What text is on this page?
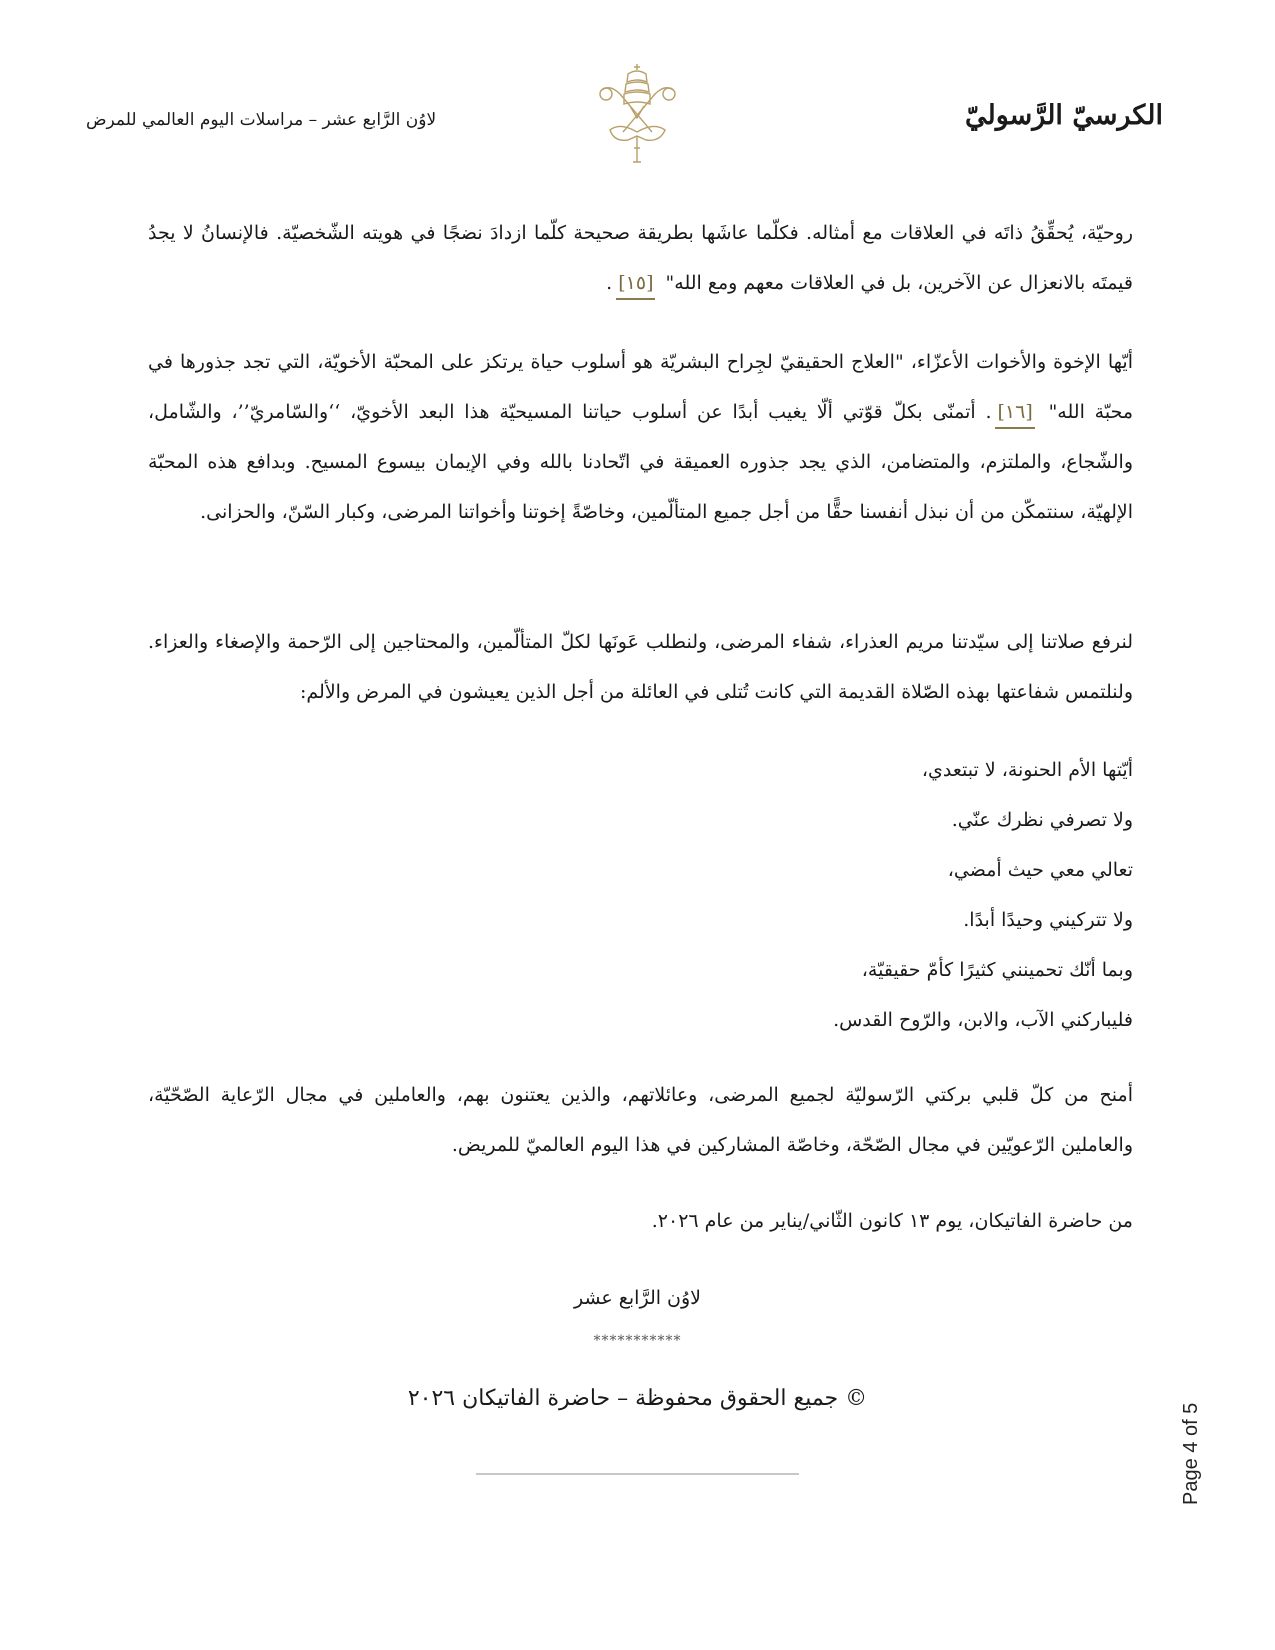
الكرسيّ الرَّسوليّ
لاوُن الرَّابع عشر – مراسلات اليوم العالمي للمرض

روحيّة، يُحقِّقُ ذاتَه في العلاقات مع أمثاله. فكلّما عاشَها بطريقة صحيحة كلّما ازدادَ نضجًا في هويته الشّخصيّة. فالإنسانُ لا يجدُ قيمتَه بالانعزال عن الآخرين، بل في العلاقات معهم ومع الله" [١٥].

أيّها الإخوة والأخوات الأعزّاء، "العلاج الحقيقيّ لجِراح البشريّة هو أسلوب حياة يرتكز على المحبّة الأخويّة، التي تجد جذورها في محبّة الله" [١٦]. أتمنّى بكلّ قوّتي ألّا يغيب أبدًا عن أسلوب حياتنا المسيحيّة هذا البعد الأخويّ، ‘‘والسّامريّ’’، والشّامل، والشّجاع، والملتزم، والمتضامن، الذي يجد جذوره العميقة في اتّحادنا بالله وفي الإيمان بيسوع المسيح. وبدافع هذه المحبّة الإلهيّة، سنتمكّن من أن نبذل أنفسنا حقًّا من أجل جميع المتألّمين، وخاصّةً إخوتنا وأخواتنا المرضى، وكبار السّنّ، والحزانى.

لنرفع صلاتنا إلى سيّدتنا مريم العذراء، شفاء المرضى، ولنطلب عَونَها لكلّ المتألّمين، والمحتاجين إلى الرّحمة والإصغاء والعزاء. ولنلتمس شفاعتها بهذه الصّلاة القديمة التي كانت تُتلى في العائلة من أجل الذين يعيشون في المرض والألم:

أيّتها الأم الحنونة، لا تبتعدي،
ولا تصرفي نظرك عنّي.
تعالي معي حيث أمضي،
ولا تتركيني وحيدًا أبدًا.
وبما أنّك تحمينني كثيرًا كأمّ حقيقيّة،
فليباركني الآب، والابن، والرّوح القدس.

أمنح من كلّ قلبي بركتي الرّسوليّة لجميع المرضى، وعائلاتهم، والذين يعتنون بهم، والعاملين في مجال الرّعاية الصّحّيّة، والعاملين الرّعويّين في مجال الصّحّة، وخاصّة المشاركين في هذا اليوم العالميّ للمريض.

من حاضرة الفاتيكان، يوم ١٣ كانون الثّاني/يناير من عام ٢٠٢٦.

لاوُن الرَّابع عشر
***********
© جميع الحقوق محفوظة – حاضرة الفاتيكان ٢٠٢٦
Page 4 of 5
